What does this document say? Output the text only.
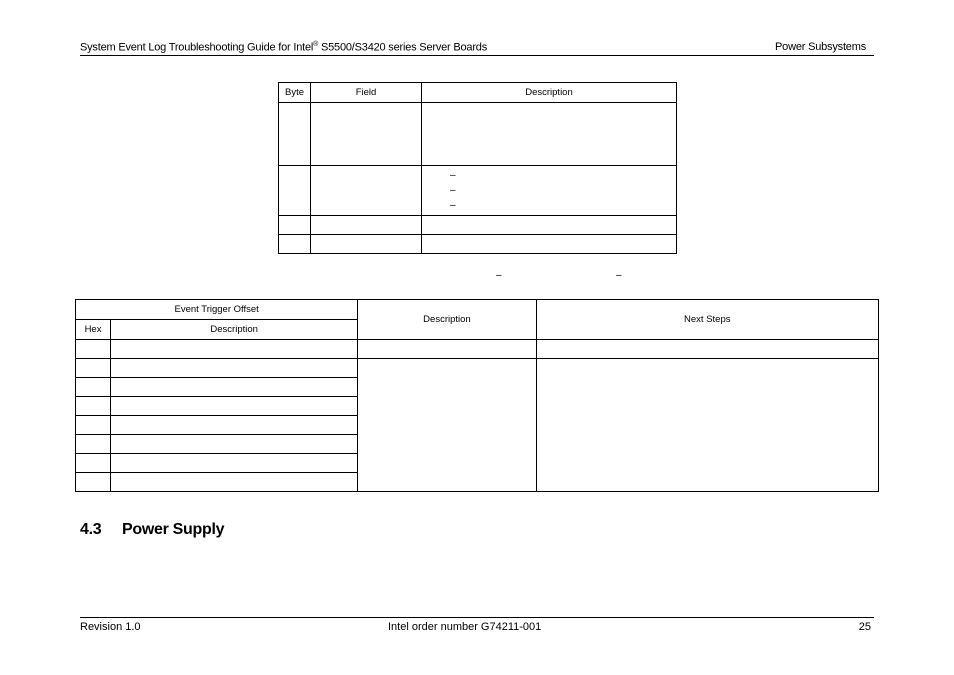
System Event Log Troubleshooting Guide for Intel® S5500/S3420 series Server Boards	Power Subsystems
Byte	Field	Description

		–
–
–

–	–
Event Trigger Offset		Description	Next Steps
Hex	Description		

4.3 Power Supply
Revision 1.0	Intel order number G74211-001	25
